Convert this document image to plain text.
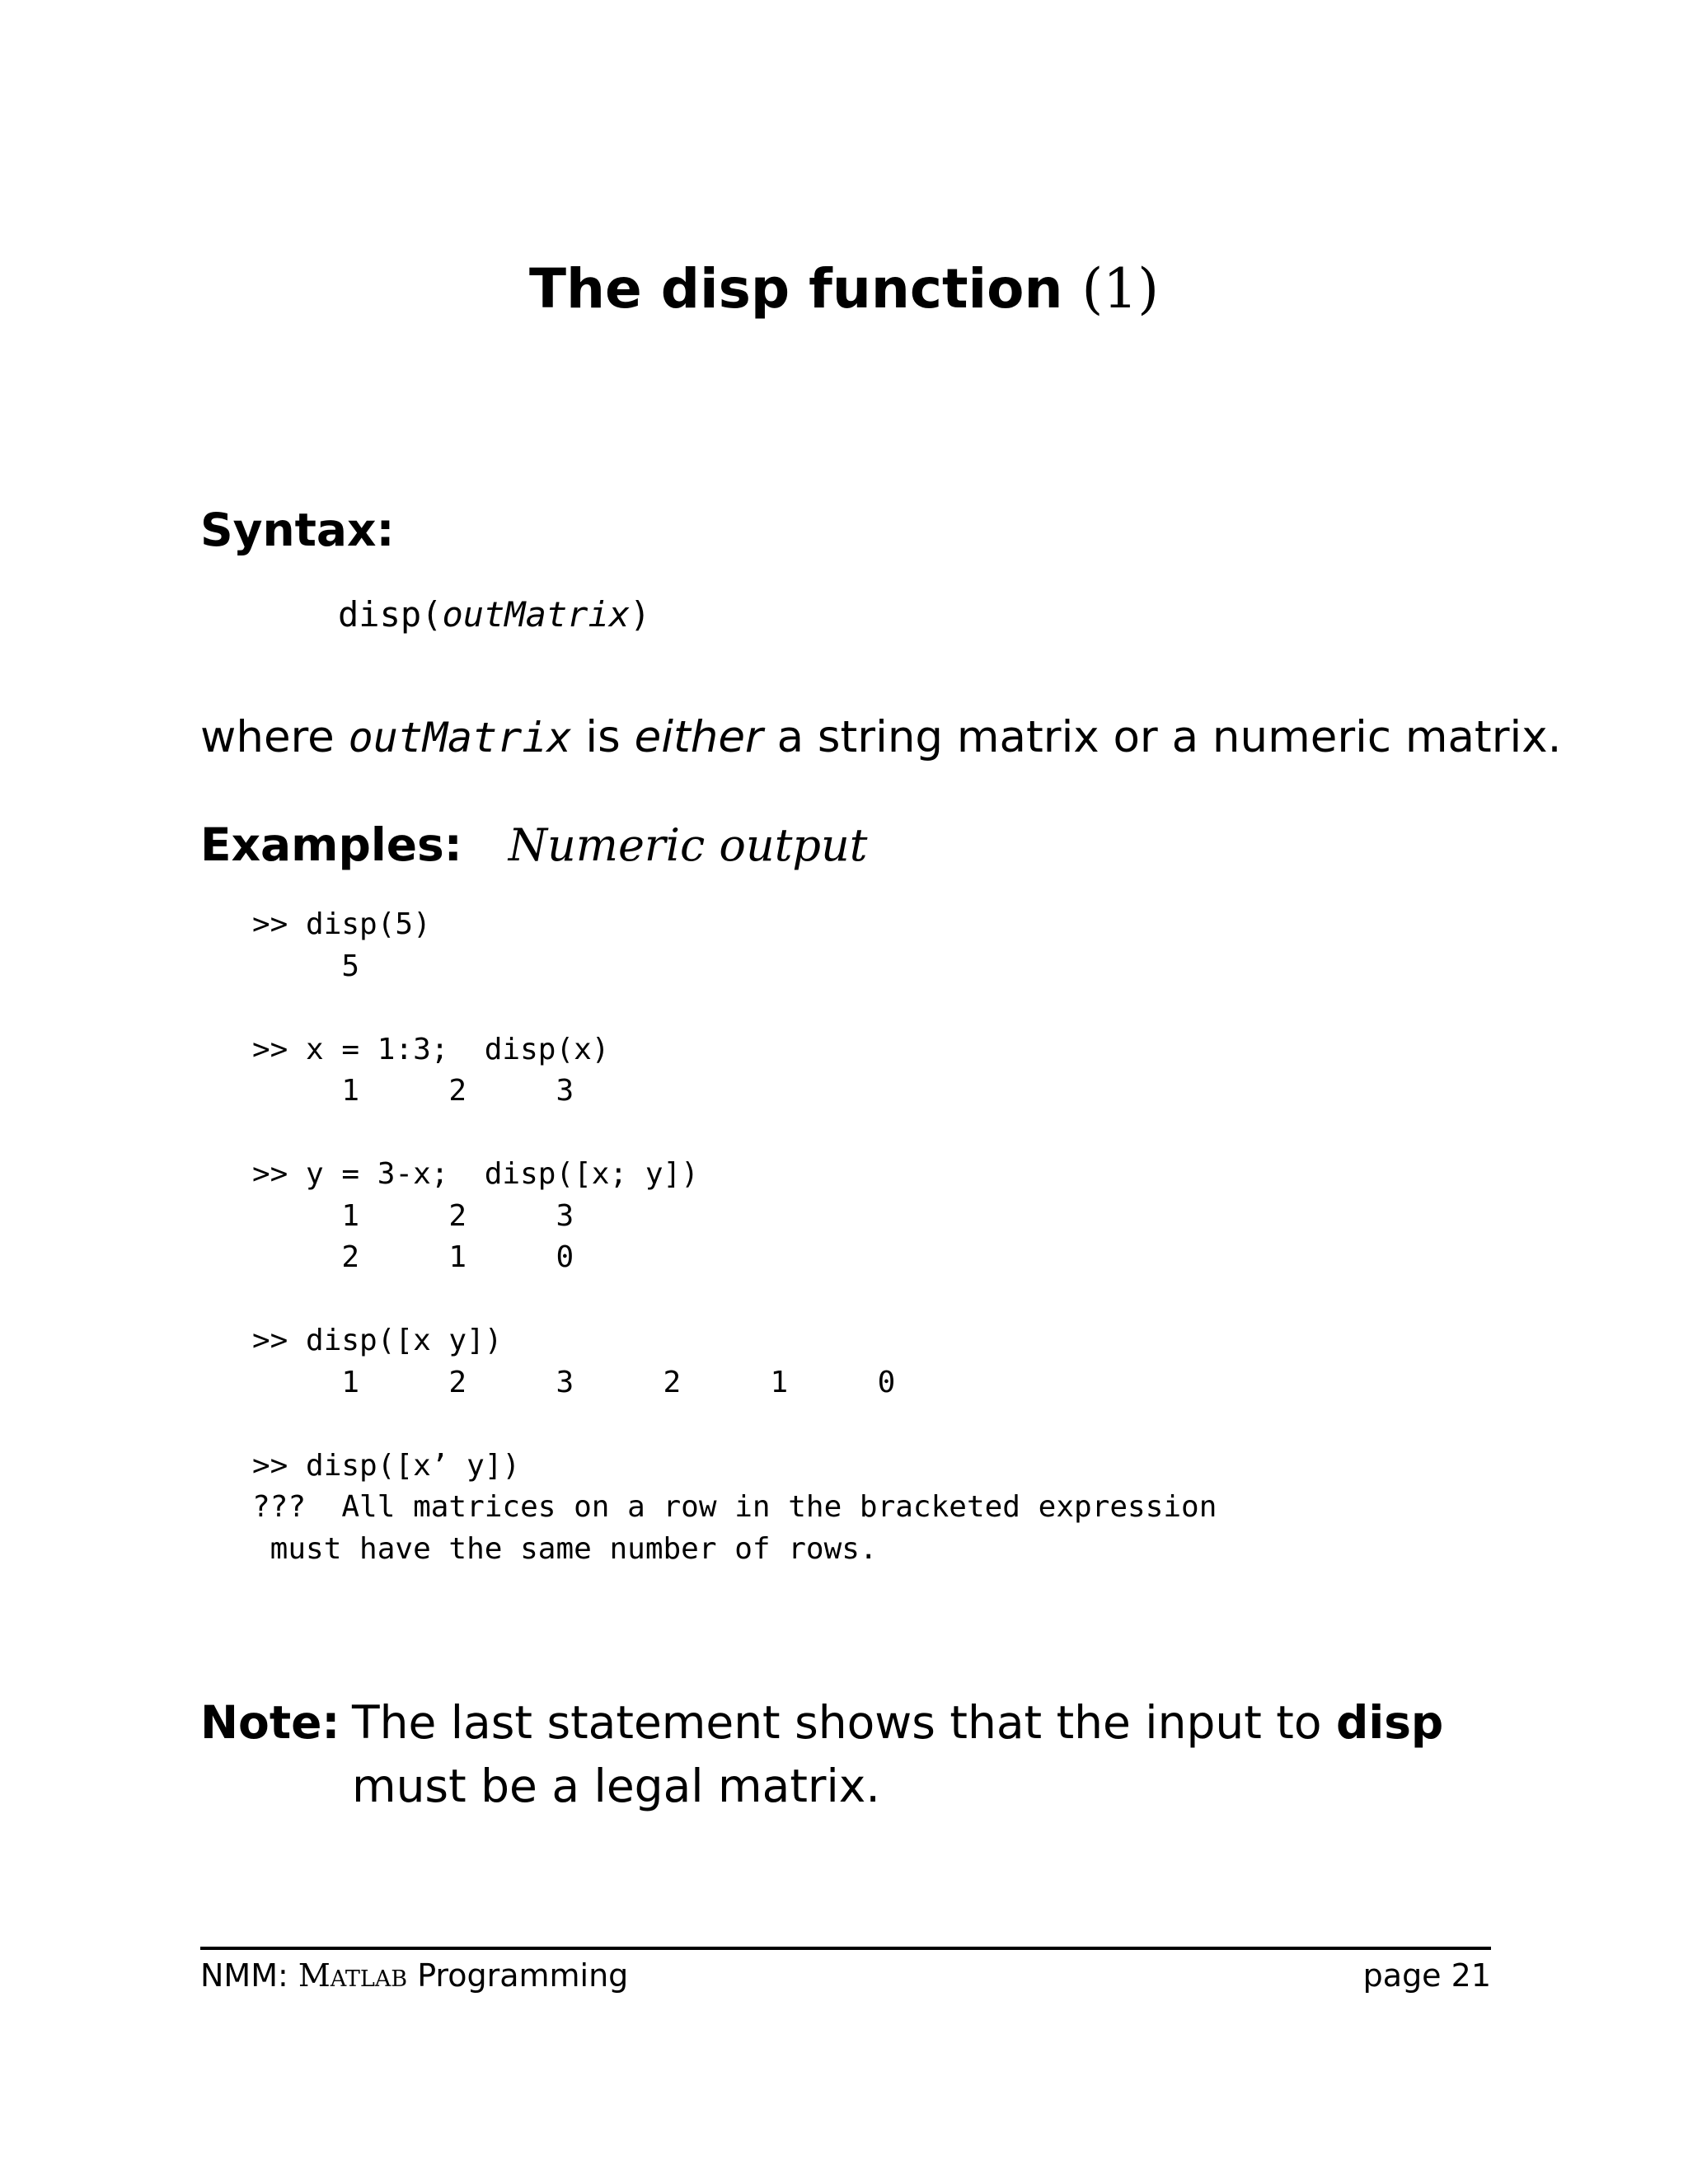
The disp function (1)
Syntax:
disp(outMatrix)

where outMatrix is either a string matrix or a numeric matrix.

Examples: Numeric output
>> disp(5)
5

>> x = 1:3;  disp(x)
1     2     3

>> y = 3-x;  disp([x; y])
1     2     3
2     1     0

>> disp([x y])
1     2     3     2     1     0

>> disp([x’ y])
???  All matrices on a row in the bracketed expression
must have the same number of rows.
Note: The last statement shows that the input to disp must be a legal matrix.
NMM: Matlab Programming	page 21
